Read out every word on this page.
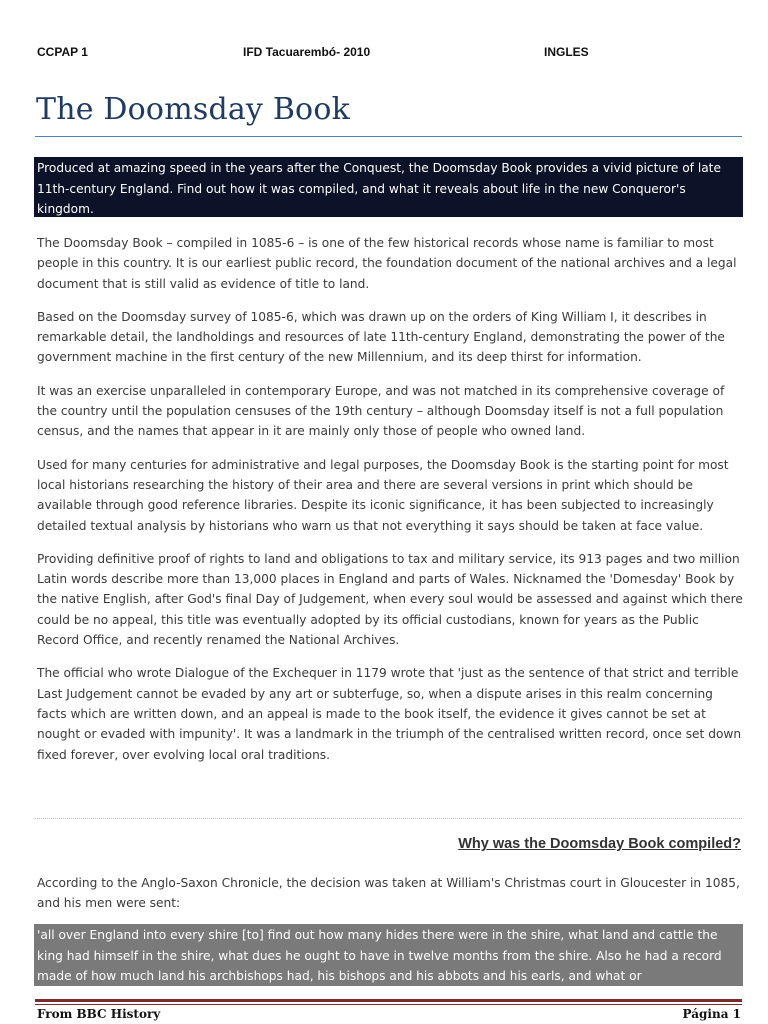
CCPAP 1	IFD Tacuarembó- 2010	INGLES
The Doomsday Book
Produced at amazing speed in the years after the Conquest, the Doomsday Book provides a vivid picture of late 11th-century England. Find out how it was compiled, and what it reveals about life in the new Conqueror's kingdom.

The Doomsday Book – compiled in 1085-6 – is one of the few historical records whose name is familiar to most people in this country. It is our earliest public record, the foundation document of the national archives and a legal document that is still valid as evidence of title to land.

Based on the Doomsday survey of 1085-6, which was drawn up on the orders of King William I, it describes in remarkable detail, the landholdings and resources of late 11th-century England, demonstrating the power of the government machine in the first century of the new Millennium, and its deep thirst for information.

It was an exercise unparalleled in contemporary Europe, and was not matched in its comprehensive coverage of the country until the population censuses of the 19th century – although Doomsday itself is not a full population census, and the names that appear in it are mainly only those of people who owned land.

Used for many centuries for administrative and legal purposes, the Doomsday Book is the starting point for most local historians researching the history of their area and there are several versions in print which should be available through good reference libraries. Despite its iconic significance, it has been subjected to increasingly detailed textual analysis by historians who warn us that not everything it says should be taken at face value.

Providing definitive proof of rights to land and obligations to tax and military service, its 913 pages and two million Latin words describe more than 13,000 places in England and parts of Wales. Nicknamed the 'Domesday' Book by the native English, after God's final Day of Judgement, when every soul would be assessed and against which there could be no appeal, this title was eventually adopted by its official custodians, known for years as the Public Record Office, and recently renamed the National Archives.

The official who wrote Dialogue of the Exchequer in 1179 wrote that 'just as the sentence of that strict and terrible Last Judgement cannot be evaded by any art or subterfuge, so, when a dispute arises in this realm concerning facts which are written down, and an appeal is made to the book itself, the evidence it gives cannot be set at nought or evaded with impunity'. It was a landmark in the triumph of the centralised written record, once set down fixed forever, over evolving local oral traditions.

Why was the Doomsday Book compiled?

According to the Anglo-Saxon Chronicle, the decision was taken at William's Christmas court in Gloucester in 1085, and his men were sent:

'all over England into every shire [to] find out how many hides there were in the shire, what land and cattle the king had himself in the shire, what dues he ought to have in twelve months from the shire. Also he had a record made of how much land his archbishops had, his bishops and his abbots and his earls, and what or
From BBC History	Página 1
